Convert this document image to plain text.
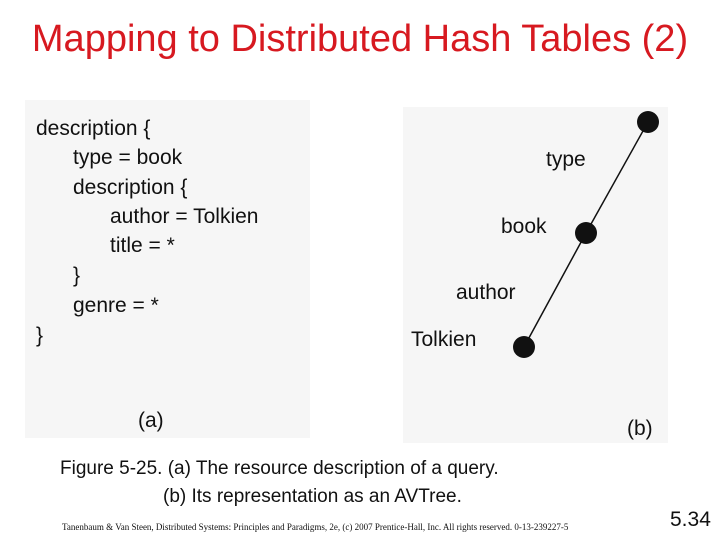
Mapping to Distributed Hash Tables (2)
description {
type = book
description {
author = Tolkien
title = *
}
genre = *
}
(a)
type
book
author
Tolkien
(b)
Figure 5-25. (a) The resource description of a query.
(b) Its representation as an AVTree.
Tanenbaum & Van Steen, Distributed Systems: Principles and Paradigms, 2e, (c) 2007 Prentice-Hall, Inc. All rights reserved. 0-13-239227-5	5.34
